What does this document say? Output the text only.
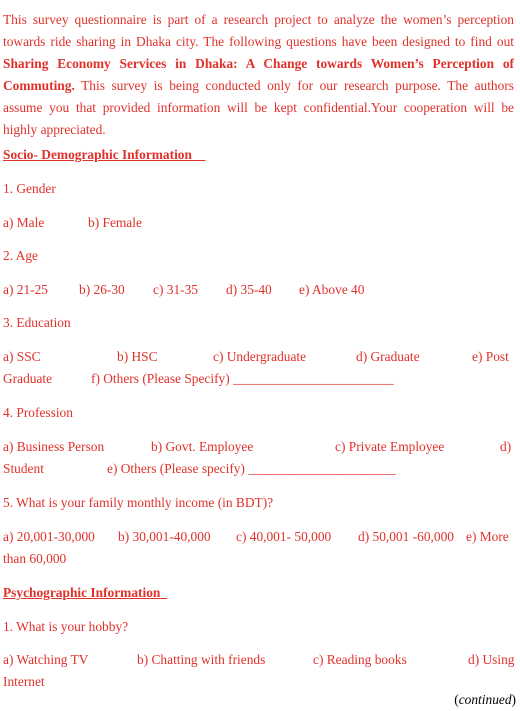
This survey questionnaire is part of a research project to analyze the women’s perception towards ride sharing in Dhaka city. The following questions have been designed to find out Sharing Economy Services in Dhaka: A Change towards Women’s Perception of Commuting. This survey is being conducted only for our research purpose. The authors assume you that provided information will be kept confidential.Your cooperation will be highly appreciated.

Socio- Demographic Information
1. Gender
a) Male	b) Female
2. Age
a) 21-25 b) 26-30 c) 31-35 d) 35-40 e) Above 40
3. Education
a) SSC	b) HSC	c) Undergraduate	d) Graduate	e) Post
Graduate	f) Others (Please Specify) ________________________
4. Profession
a) Business Person	b) Govt. Employee	c) Private Employee	d)
Student	e) Others (Please specify) ______________________
5. What is your family monthly income (in BDT)?
a) 20,001-30,000 b) 30,001-40,000 c) 40,001- 50,000 d) 50,001 -60,000 e) More
than 60,000
Psychographic Information
1. What is your hobby?
a) Watching TV	b) Chatting with friends	c) Reading books	d) Using
Internet
(continued)
